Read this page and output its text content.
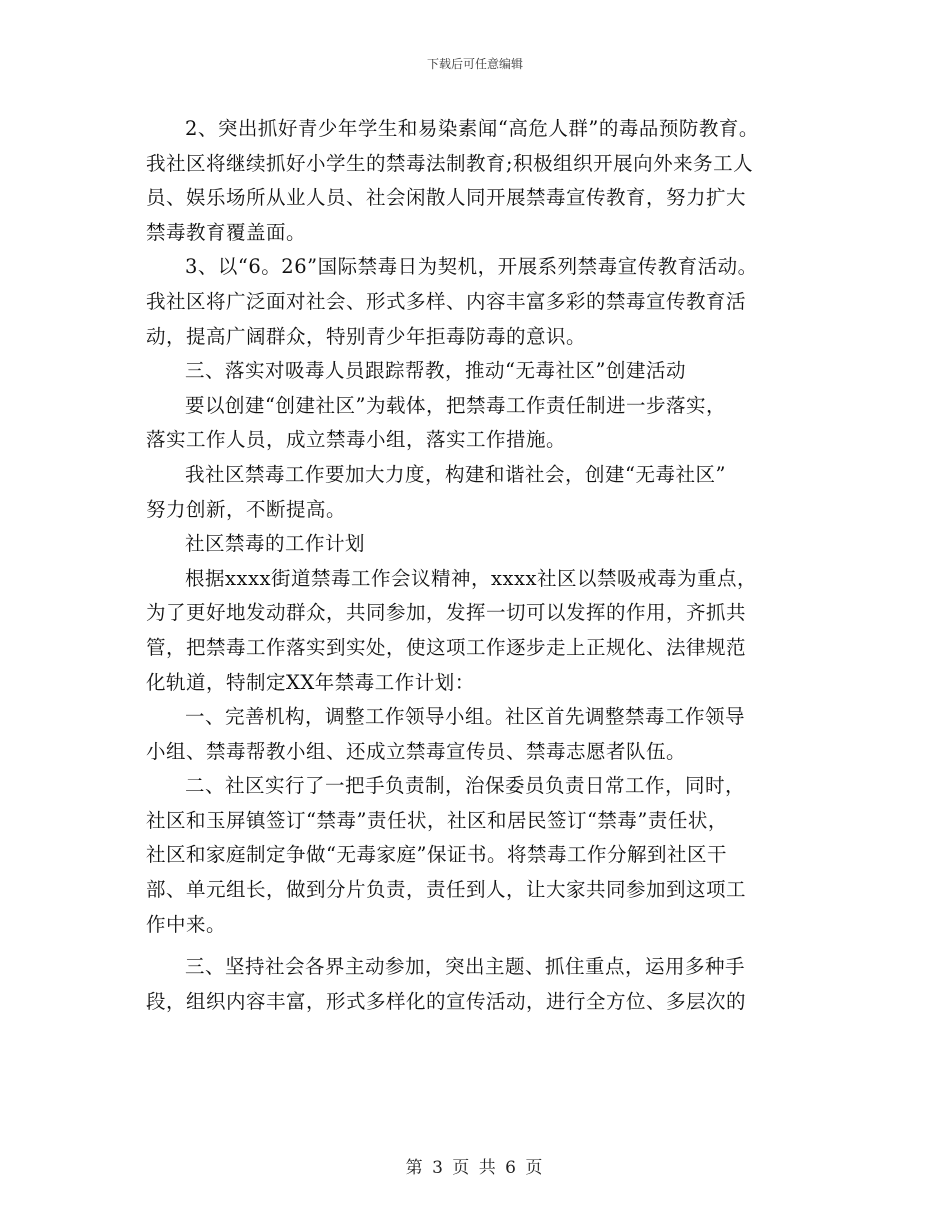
下载后可任意编辑
2、突出抓好青少年学生和易染素闻“高危人群”的毒品预防教育。
我社区将继续抓好小学生的禁毒法制教育;积极组织开展向外来务工人
员、娱乐场所从业人员、社会闲散人同开展禁毒宣传教育，努力扩大
禁毒教育覆盖面。
3、以“6。26”国际禁毒日为契机，开展系列禁毒宣传教育活动。
我社区将广泛面对社会、形式多样、内容丰富多彩的禁毒宣传教育活
动，提高广阔群众，特别青少年拒毒防毒的意识。
三、落实对吸毒人员跟踪帮教，推动“无毒社区”创建活动
要以创建“创建社区”为载体，把禁毒工作责任制进一步落实，
落实工作人员，成立禁毒小组，落实工作措施。
我社区禁毒工作要加大力度，构建和谐社会，创建“无毒社区”
努力创新，不断提高。
社区禁毒的工作计划
根据xxxx街道禁毒工作会议精神，xxxx社区以禁吸戒毒为重点，
为了更好地发动群众，共同参加，发挥一切可以发挥的作用，齐抓共
管，把禁毒工作落实到实处，使这项工作逐步走上正规化、法律规范
化轨道，特制定XX年禁毒工作计划：
一、完善机构，调整工作领导小组。社区首先调整禁毒工作领导
小组、禁毒帮教小组、还成立禁毒宣传员、禁毒志愿者队伍。
二、社区实行了一把手负责制，治保委员负责日常工作，同时，
社区和玉屏镇签订“禁毒”责任状，社区和居民签订“禁毒”责任状，
社区和家庭制定争做“无毒家庭”保证书。将禁毒工作分解到社区干
部、单元组长，做到分片负责，责任到人，让大家共同参加到这项工
作中来。
三、坚持社会各界主动参加，突出主题、抓住重点，运用多种手
段，组织内容丰富，形式多样化的宣传活动，进行全方位、多层次的
第 3 页 共 6 页
